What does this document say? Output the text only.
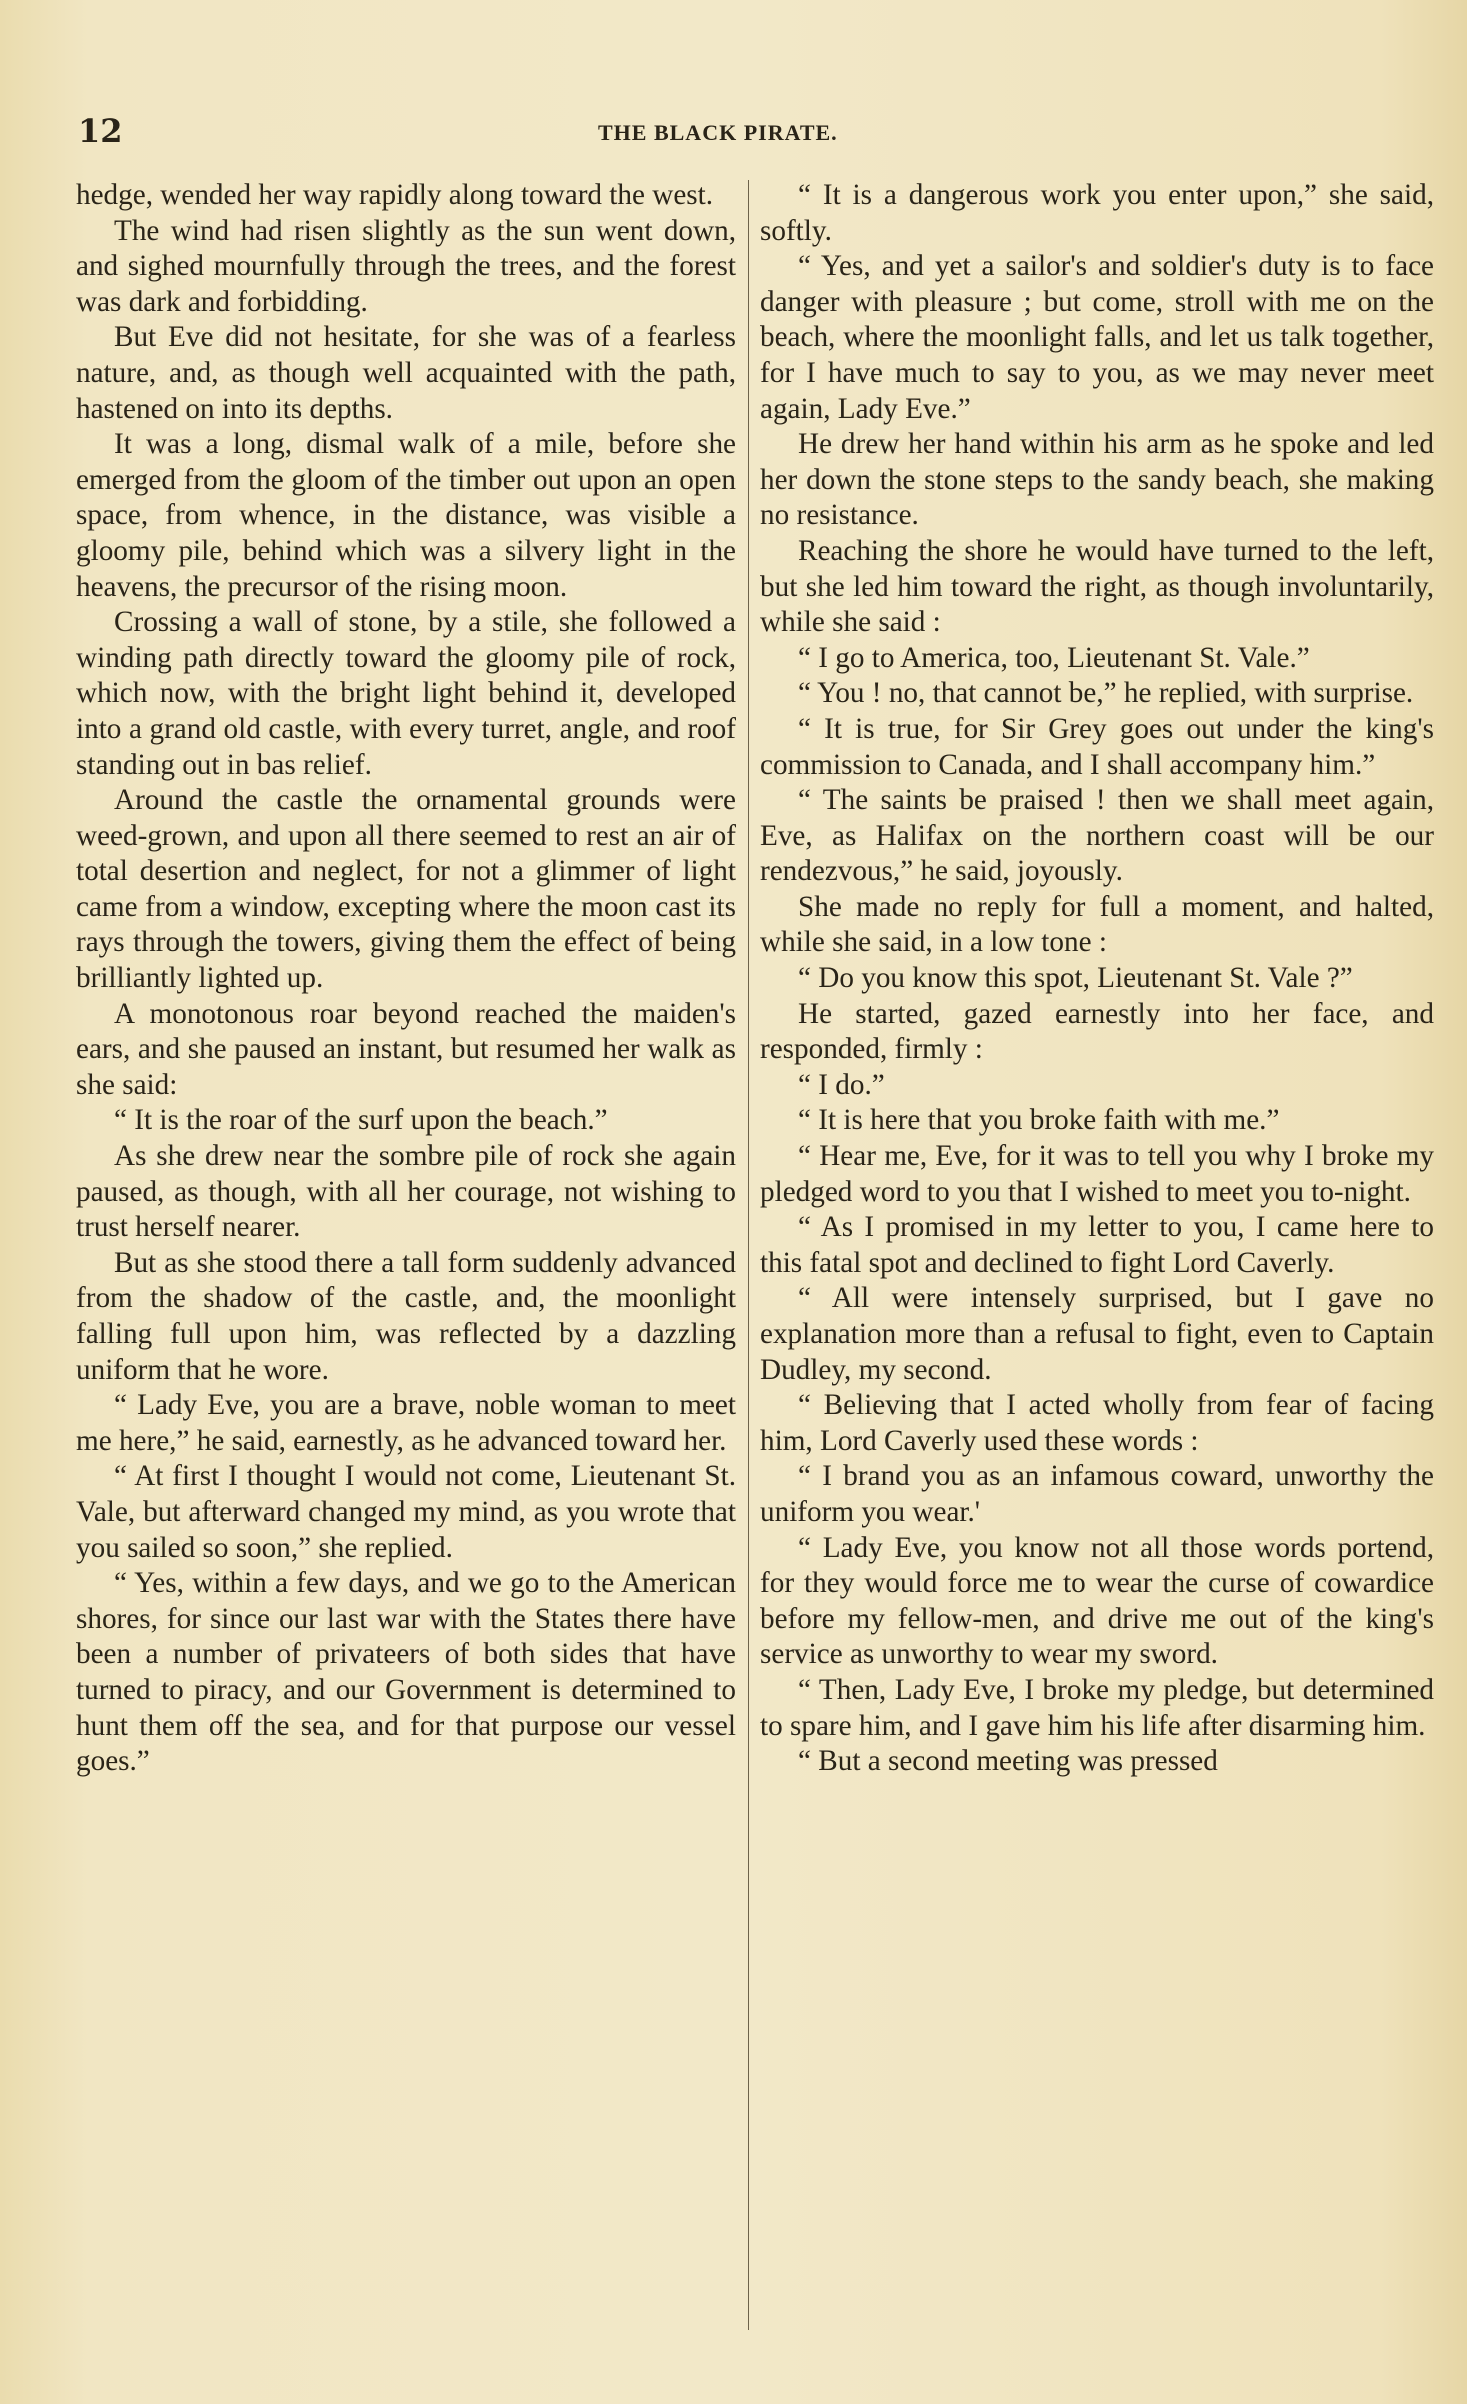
12	THE BLACK PIRATE.

hedge, wended her way rapidly along toward the west.

The wind had risen slightly as the sun went down, and sighed mournfully through the trees, and the forest was dark and forbidding.

But Eve did not hesitate, for she was of a fearless nature, and, as though well acquainted with the path, hastened on into its depths.

It was a long, dismal walk of a mile, before she emerged from the gloom of the timber out upon an open space, from whence, in the distance, was visible a gloomy pile, behind which was a silvery light in the heavens, the precursor of the rising moon.

Crossing a wall of stone, by a stile, she followed a winding path directly toward the gloomy pile of rock, which now, with the bright light behind it, developed into a grand old castle, with every turret, angle, and roof standing out in bas relief.

Around the castle the ornamental grounds were weed-grown, and upon all there seemed to rest an air of total desertion and neglect, for not a glimmer of light came from a window, excepting where the moon cast its rays through the towers, giving them the effect of being brilliantly lighted up.

A monotonous roar beyond reached the maiden's ears, and she paused an instant, but resumed her walk as she said:

“ It is the roar of the surf upon the beach.”

As she drew near the sombre pile of rock she again paused, as though, with all her courage, not wishing to trust herself nearer.

But as she stood there a tall form suddenly advanced from the shadow of the castle, and, the moonlight falling full upon him, was reflected by a dazzling uniform that he wore.

“ Lady Eve, you are a brave, noble woman to meet me here,” he said, earnestly, as he advanced toward her.

“ At first I thought I would not come, Lieutenant St. Vale, but afterward changed my mind, as you wrote that you sailed so soon,” she replied.

“ Yes, within a few days, and we go to the American shores, for since our last war with the States there have been a number of privateers of both sides that have turned to piracy, and our Government is determined to hunt them off the sea, and for that purpose our vessel goes.”

“ It is a dangerous work you enter upon,” she said, softly.

“ Yes, and yet a sailor's and soldier's duty is to face danger with pleasure ; but come, stroll with me on the beach, where the moonlight falls, and let us talk together, for I have much to say to you, as we may never meet again, Lady Eve.”

He drew her hand within his arm as he spoke and led her down the stone steps to the sandy beach, she making no resistance.

Reaching the shore he would have turned to the left, but she led him toward the right, as though involuntarily, while she said :

“ I go to America, too, Lieutenant St. Vale.”

“ You ! no, that cannot be,” he replied, with surprise.

“ It is true, for Sir Grey goes out under the king's commission to Canada, and I shall accompany him.”

“ The saints be praised ! then we shall meet again, Eve, as Halifax on the northern coast will be our rendezvous,” he said, joyously.

She made no reply for full a moment, and halted, while she said, in a low tone :

“ Do you know this spot, Lieutenant St. Vale ?”

He started, gazed earnestly into her face, and responded, firmly :

“ I do.”

“ It is here that you broke faith with me.”

“ Hear me, Eve, for it was to tell you why I broke my pledged word to you that I wished to meet you to-night.

“ As I promised in my letter to you, I came here to this fatal spot and declined to fight Lord Caverly.

“ All were intensely surprised, but I gave no explanation more than a refusal to fight, even to Captain Dudley, my second.

“ Believing that I acted wholly from fear of facing him, Lord Caverly used these words :

“ I brand you as an infamous coward, unworthy the uniform you wear.'

“ Lady Eve, you know not all those words portend, for they would force me to wear the curse of cowardice before my fellow-men, and drive me out of the king's service as unworthy to wear my sword.

“ Then, Lady Eve, I broke my pledge, but determined to spare him, and I gave him his life after disarming him.

“ But a second meeting was pressed
